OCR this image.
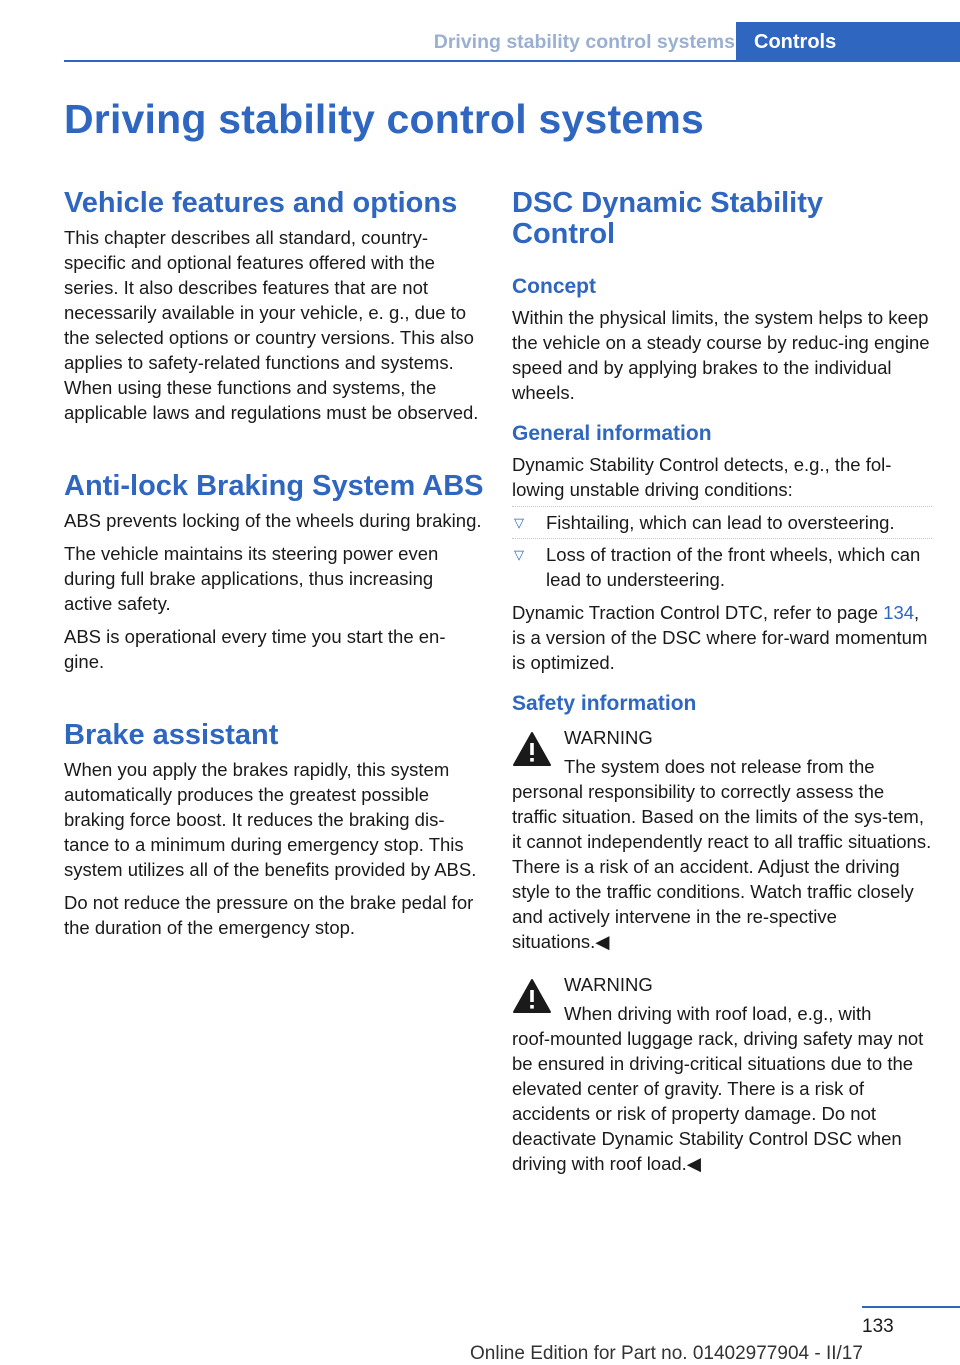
Driving stability control systems Controls
Driving stability control systems
Vehicle features and options

This chapter describes all standard, country-specific and optional features offered with the series. It also describes features that are not necessarily available in your vehicle, e. g., due to the selected options or country versions. This also applies to safety-related functions and systems. When using these functions and systems, the applicable laws and regulations must be observed.

Anti-lock Braking System ABS

ABS prevents locking of the wheels during braking.

The vehicle maintains its steering power even during full brake applications, thus increasing active safety.

ABS is operational every time you start the en-gine.

Brake assistant

When you apply the brakes rapidly, this system automatically produces the greatest possible braking force boost. It reduces the braking dis-tance to a minimum during emergency stop. This system utilizes all of the benefits provided by ABS.

Do not reduce the pressure on the brake pedal for the duration of the emergency stop.

DSC Dynamic Stability Control
Concept

Within the physical limits, the system helps to keep the vehicle on a steady course by reduc-ing engine speed and by applying brakes to the individual wheels.

General information

Dynamic Stability Control detects, e.g., the fol-lowing unstable driving conditions:

▽ Fishtailing, which can lead to oversteering.
▽ Loss of traction of the front wheels, which can lead to understeering.

Dynamic Traction Control DTC, refer to page 134, is a version of the DSC where for-ward momentum is optimized.

Safety information

WARNING

The system does not release from the

personal responsibility to correctly assess the traffic situation. Based on the limits of the sys-tem, it cannot independently react to all traffic situations. There is a risk of an accident. Adjust the driving style to the traffic conditions. Watch traffic closely and actively intervene in the re-spective situations.◀

WARNING

When driving with roof load, e.g., with

roof-mounted luggage rack, driving safety may not be ensured in driving-critical situations due to the elevated center of gravity. There is a risk of accidents or risk of property damage. Do not deactivate Dynamic Stability Control DSC when driving with roof load.◀

133
Online Edition for Part no. 01402977904 - II/17
